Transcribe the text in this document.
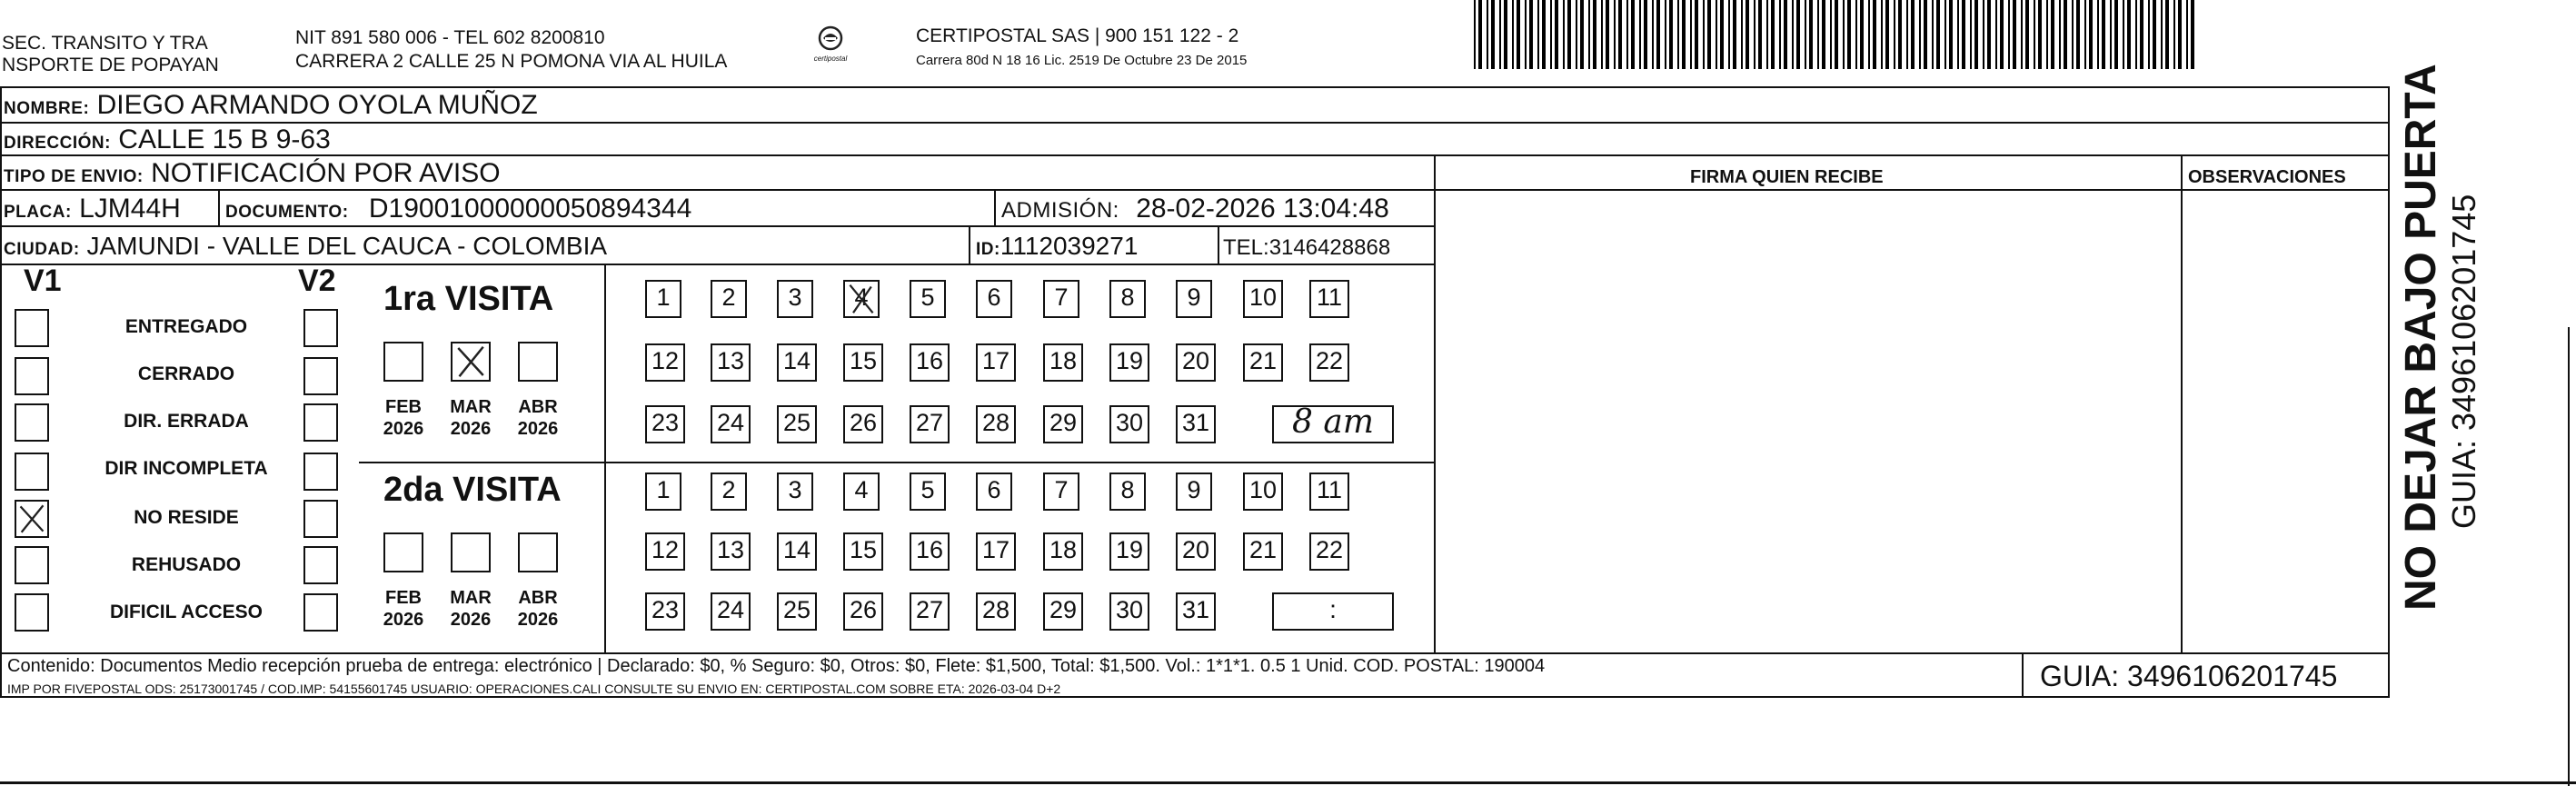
SEC. TRANSITO Y TRA
NSPORTE DE POPAYAN
NIT 891 580 006 - TEL 602 8200810
CARRERA 2 CALLE 25 N POMONA VIA AL HUILA	certipostal
CERTIPOSTAL SAS | 900 151 122 - 2
Carrera 80d N 18 16 Lic. 2519 De Octubre 23 De 2015
NOMBRE: DIEGO ARMANDO OYOLA MUÑOZ
DIRECCIÓN: CALLE 15 B 9-63
TIPO DE ENVIO: NOTIFICACIÓN POR AVISO	FIRMA QUIEN RECIBE	OBSERVACIONES
PLACA: LJM44H	DOCUMENTO: D19001000000050894344	ADMISIÓN: 28-02-2026 13:04:48
CIUDAD: JAMUNDI - VALLE DEL CAUCA - COLOMBIA	ID:1112039271	TEL:3146428868
V1	V2
ENTREGADO
CERRADO
DIR. ERRADA
DIR INCOMPLETA
NO RESIDE
REHUSADO
DIFICIL ACCESO
1ra VISITA
2da VISITA
FEB
2026
MAR
2026
ABR
2026
1	2	3	4	5	6	7	8	9	10 11
12 13 14 15 16 17 18 19 20 21 22
23 24 25 26 27 28 29 30 31	8 am
FEB
2026
MAR
2026
ABR
2026
1	2	3	4	5	6	7	8	9	10 11
12 13 14 15 16 17 18 19 20 21 22
23 24 25 26 27 28 29 30 31	:
Contenido: Documentos Medio recepción prueba de entrega: electrónico | Declarado: $0, % Seguro: $0, Otros: $0, Flete: $1,500, Total: $1,500. Vol.: 1*1*1. 0.5 1 Unid. COD. POSTAL: 190004
IMP POR FIVEPOSTAL ODS: 25173001745 / COD.IMP: 54155601745 USUARIO: OPERACIONES.CALI CONSULTE SU ENVIO EN: CERTIPOSTAL.COM SOBRE ETA: 2026-03-04 D+2	GUIA: 3496106201745
NO DEJAR BAJO PUERTA GUIA: 3496106201745
